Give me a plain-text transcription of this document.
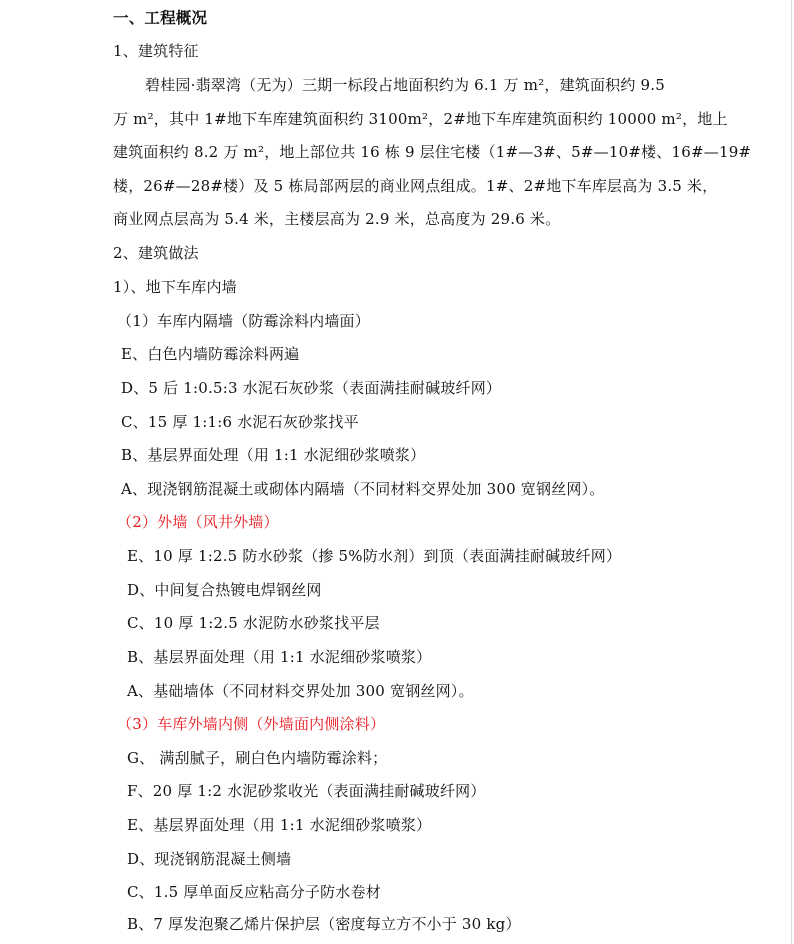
一、工程概况
1、建筑特征
碧桂园·翡翠湾（无为）三期一标段占地面积约为 6.1 万 m²，建筑面积约 9.5
万 m²，其中 1#地下车库建筑面积约 3100m²，2#地下车库建筑面积约 10000 m²，地上
建筑面积约 8.2 万 m²，地上部位共 16 栋 9 层住宅楼（1#—3#、5#—10#楼、16#—19#
楼，26#—28#楼）及 5 栋局部两层的商业网点组成。1#、2#地下车库层高为 3.5 米，
商业网点层高为 5.4 米，主楼层高为 2.9 米，总高度为 29.6 米。
2、建筑做法
1）、地下车库内墙
（1）车库内隔墙（防霉涂料内墙面）
E、白色内墙防霉涂料两遍
D、5 后 1:0.5:3 水泥石灰砂浆（表面满挂耐碱玻纤网）
C、15 厚 1:1:6 水泥石灰砂浆找平
B、基层界面处理（用 1:1 水泥细砂浆喷浆）
A、现浇钢筋混凝土或砌体内隔墙（不同材料交界处加 300 宽钢丝网）。
（2）外墙（风井外墙）
E、10 厚 1:2.5 防水砂浆（掺 5%防水剂）到顶（表面满挂耐碱玻纤网）
D、中间复合热镀电焊钢丝网
C、10 厚 1:2.5 水泥防水砂浆找平层
B、基层界面处理（用 1:1 水泥细砂浆喷浆）
A、基础墙体（不同材料交界处加 300 宽钢丝网）。
（3）车库外墙内侧（外墙面内侧涂料）
G、 满刮腻子，刷白色内墙防霉涂料；
F、20 厚 1:2 水泥砂浆收光（表面满挂耐碱玻纤网）
E、基层界面处理（用 1:1 水泥细砂浆喷浆）
D、现浇钢筋混凝土侧墙
C、1.5 厚单面反应粘高分子防水卷材
B、7 厚发泡聚乙烯片保护层（密度每立方不小于 30 kg）
